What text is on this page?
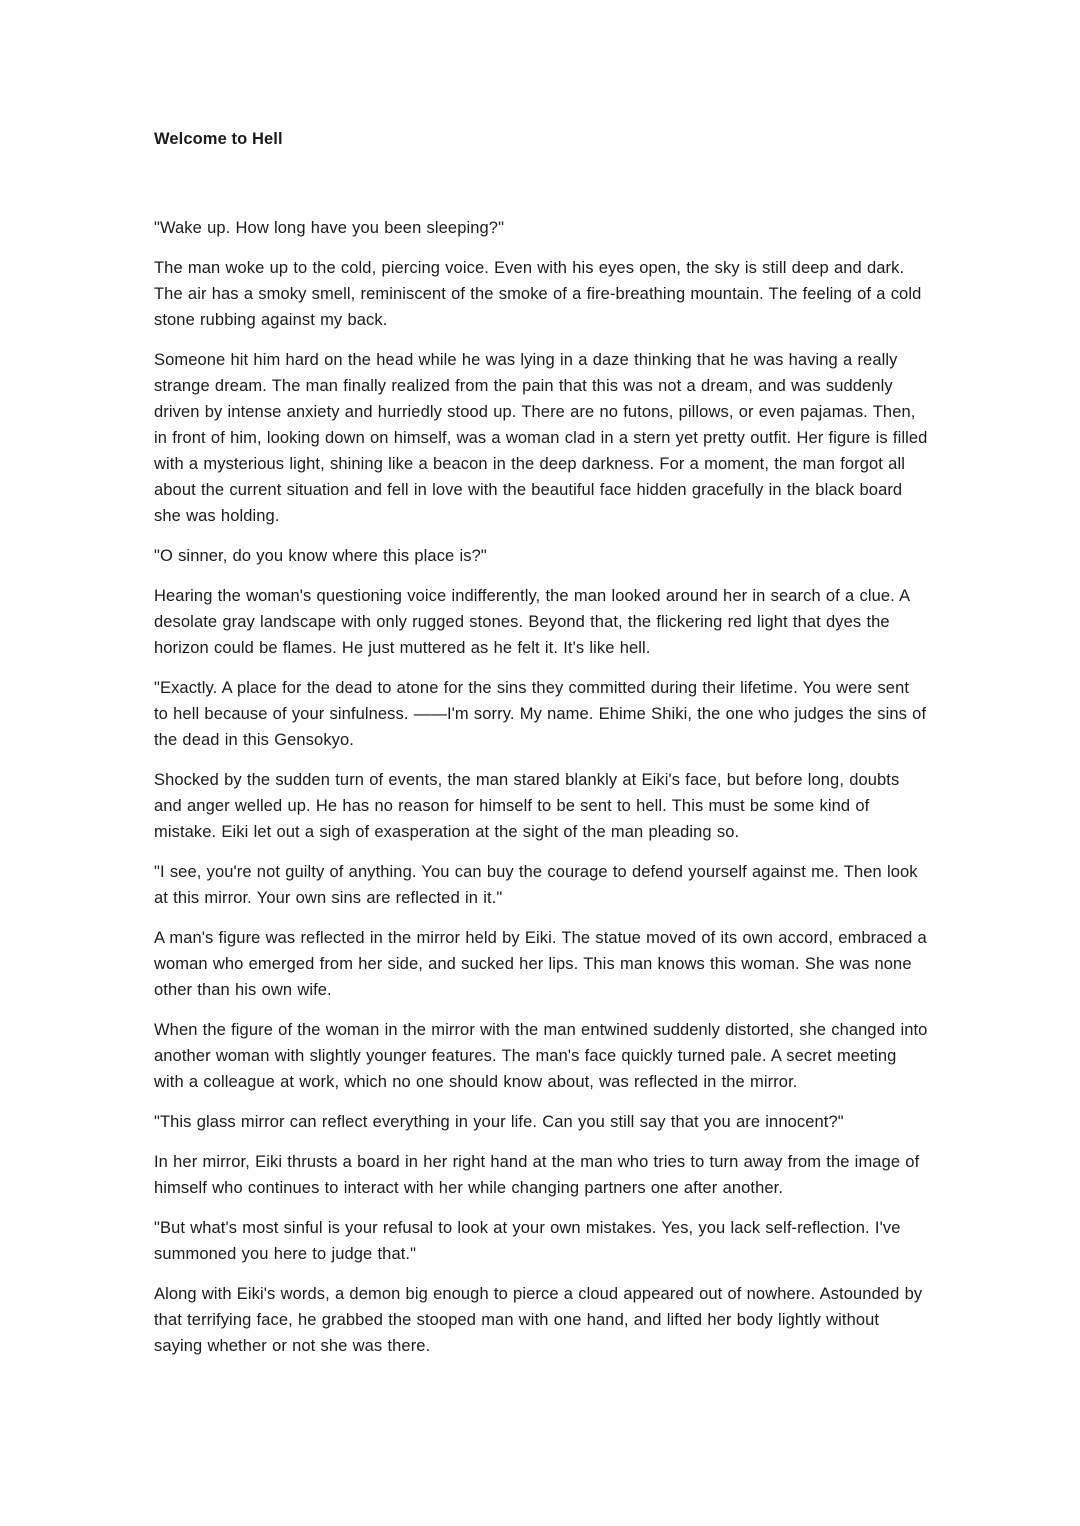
Welcome to Hell

"Wake up. How long have you been sleeping?"

The man woke up to the cold, piercing voice. Even with his eyes open, the sky is still deep and dark. The air has a smoky smell, reminiscent of the smoke of a fire-breathing mountain. The feeling of a cold stone rubbing against my back.

Someone hit him hard on the head while he was lying in a daze thinking that he was having a really strange dream. The man finally realized from the pain that this was not a dream, and was suddenly driven by intense anxiety and hurriedly stood up. There are no futons, pillows, or even pajamas. Then, in front of him, looking down on himself, was a woman clad in a stern yet pretty outfit. Her figure is filled with a mysterious light, shining like a beacon in the deep darkness. For a moment, the man forgot all about the current situation and fell in love with the beautiful face hidden gracefully in the black board she was holding.

"O sinner, do you know where this place is?"

Hearing the woman's questioning voice indifferently, the man looked around her in search of a clue. A desolate gray landscape with only rugged stones. Beyond that, the flickering red light that dyes the horizon could be flames. He just muttered as he felt it. It's like hell.

"Exactly. A place for the dead to atone for the sins they committed during their lifetime. You were sent to hell because of your sinfulness. ——I'm sorry. My name. Ehime Shiki, the one who judges the sins of the dead in this Gensokyo.

Shocked by the sudden turn of events, the man stared blankly at Eiki's face, but before long, doubts and anger welled up. He has no reason for himself to be sent to hell. This must be some kind of mistake. Eiki let out a sigh of exasperation at the sight of the man pleading so.

"I see, you're not guilty of anything. You can buy the courage to defend yourself against me. Then look at this mirror. Your own sins are reflected in it."

A man's figure was reflected in the mirror held by Eiki. The statue moved of its own accord, embraced a woman who emerged from her side, and sucked her lips. This man knows this woman. She was none other than his own wife.

When the figure of the woman in the mirror with the man entwined suddenly distorted, she changed into another woman with slightly younger features. The man's face quickly turned pale. A secret meeting with a colleague at work, which no one should know about, was reflected in the mirror.

"This glass mirror can reflect everything in your life. Can you still say that you are innocent?"

In her mirror, Eiki thrusts a board in her right hand at the man who tries to turn away from the image of himself who continues to interact with her while changing partners one after another.

"But what's most sinful is your refusal to look at your own mistakes. Yes, you lack self-reflection. I've summoned you here to judge that."

Along with Eiki's words, a demon big enough to pierce a cloud appeared out of nowhere. Astounded by that terrifying face, he grabbed the stooped man with one hand, and lifted her body lightly without saying whether or not she was there.
